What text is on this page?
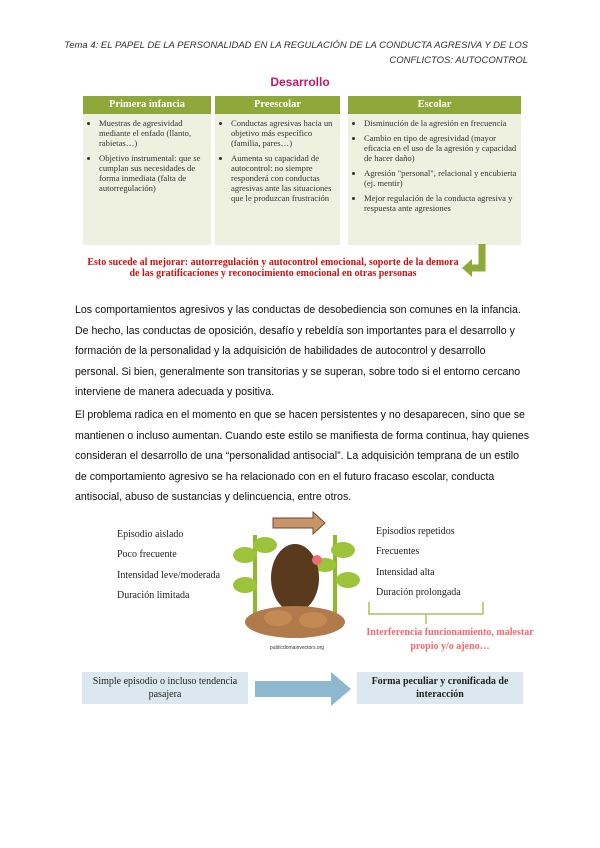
Tema 4: EL PAPEL DE LA PERSONALIDAD EN LA REGULACIÓN DE LA CONDUCTA AGRESIVA Y DE LOS
CONFLICTOS: AUTOCONTROL
Desarrollo
Primera infancia
• Muestras de agresividad mediante el enfado (llanto, rabietas…)
• Objetivo instrumental: que se cumplan sus necesidades de forma inmediata (falta de autorregulación)
Preescolar
• Conductas agresivas hacia un objetivo más específico (familia, pares…)
• Aumenta su capacidad de autocontrol: no siempre responderá con conductas agresivas ante las situaciones que le produzcan frustración
Escolar
• Disminución de la agresión en frecuencia
• Cambio en tipo de agresividad (mayor eficacia en el uso de la agresión y capacidad de hacer daño)
• Agresión "personal", relacional y encubierta (ej. mentir)
• Mejor regulación de la conducta agresiva y respuesta ante agresiones
Esto sucede al mejorar: autorregulación y autocontrol emocional, soporte de la demora de las gratificaciones y reconocimiento emocional en otras personas
Los comportamientos agresivos y las conductas de desobediencia son comunes en la infancia. De hecho, las conductas de oposición, desafío y rebeldía son importantes para el desarrollo y formación de la personalidad y la adquisición de habilidades de autocontrol y desarrollo personal. Si bien, generalmente son transitorias y se superan, sobre todo si el entorno cercano interviene de manera adecuada y positiva.
El problema radica en el momento en que se hacen persistentes y no desaparecen, sino que se mantienen o incluso aumentan. Cuando este estilo se manifiesta de forma continua, hay quienes consideran el desarrollo de una “personalidad antisocial”. La adquisición temprana de un estilo de comportamiento agresivo se ha relacionado con en el futuro fracaso escolar, conducta antisocial, abuso de sustancias y delincuencia, entre otros.
Episodio aislado
Poco frecuente
Intensidad leve/moderada
Duración limitada
publicdomainvectors.org
Episodios repetidos
Frecuentes
Intensidad alta
Duración prolongada
Interferencia funcionamiento, malestar propio y/o ajeno…
Simple episodio o incluso tendencia pasajera
Forma peculiar y cronificada de interacción
